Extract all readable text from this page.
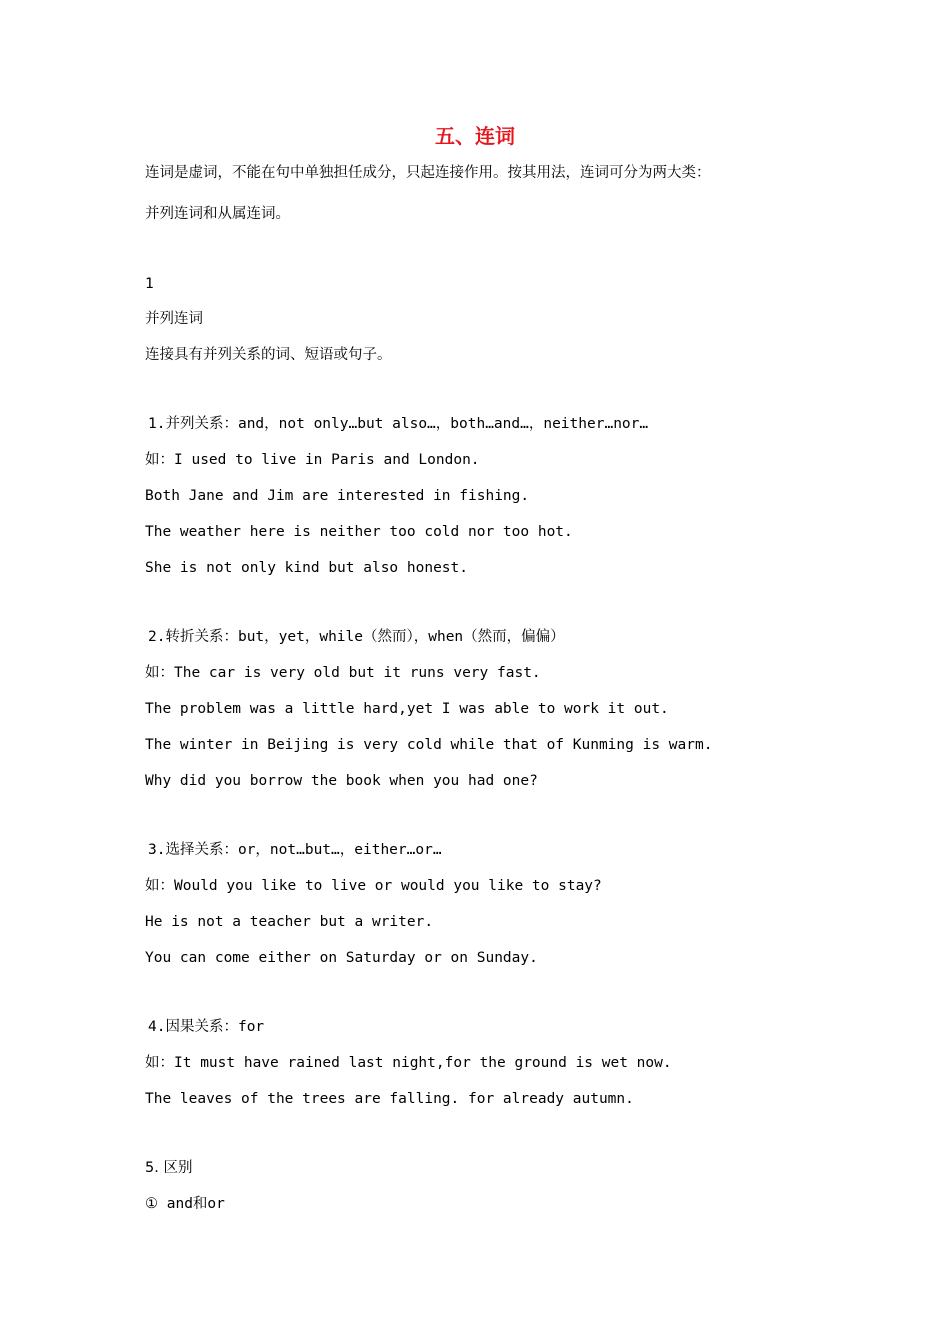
五、连词

连词是虚词，不能在句中单独担任成分，只起连接作用。按其用法，连词可分为两大类：

并列连词和从属连词。

1

并列连词

连接具有并列关系的词、短语或句子。

1.并列关系：and，not only…but also…，both…and…，neither…nor…

如：I used to live in Paris and London.

Both Jane and Jim are interested in fishing.

The weather here is neither too cold nor too hot.

She is not only kind but also honest.

2.转折关系：but，yet，while（然而），when（然而，偏偏）

如：The car is very old but it runs very fast.

The problem was a little hard,yet I was able to work it out.

The winter in Beijing is very cold while that of Kunming is warm.

Why did you borrow the book when you had one?

3.选择关系：or，not…but…，either…or…

如：Would you like to live or would you like to stay?

He is not a teacher but a writer.

You can come either on Saturday or on Sunday.

4.因果关系：for

如：It must have rained last night,for the ground is wet now.

The leaves of the trees are falling. for already autumn.

5. 区别

① and和or
